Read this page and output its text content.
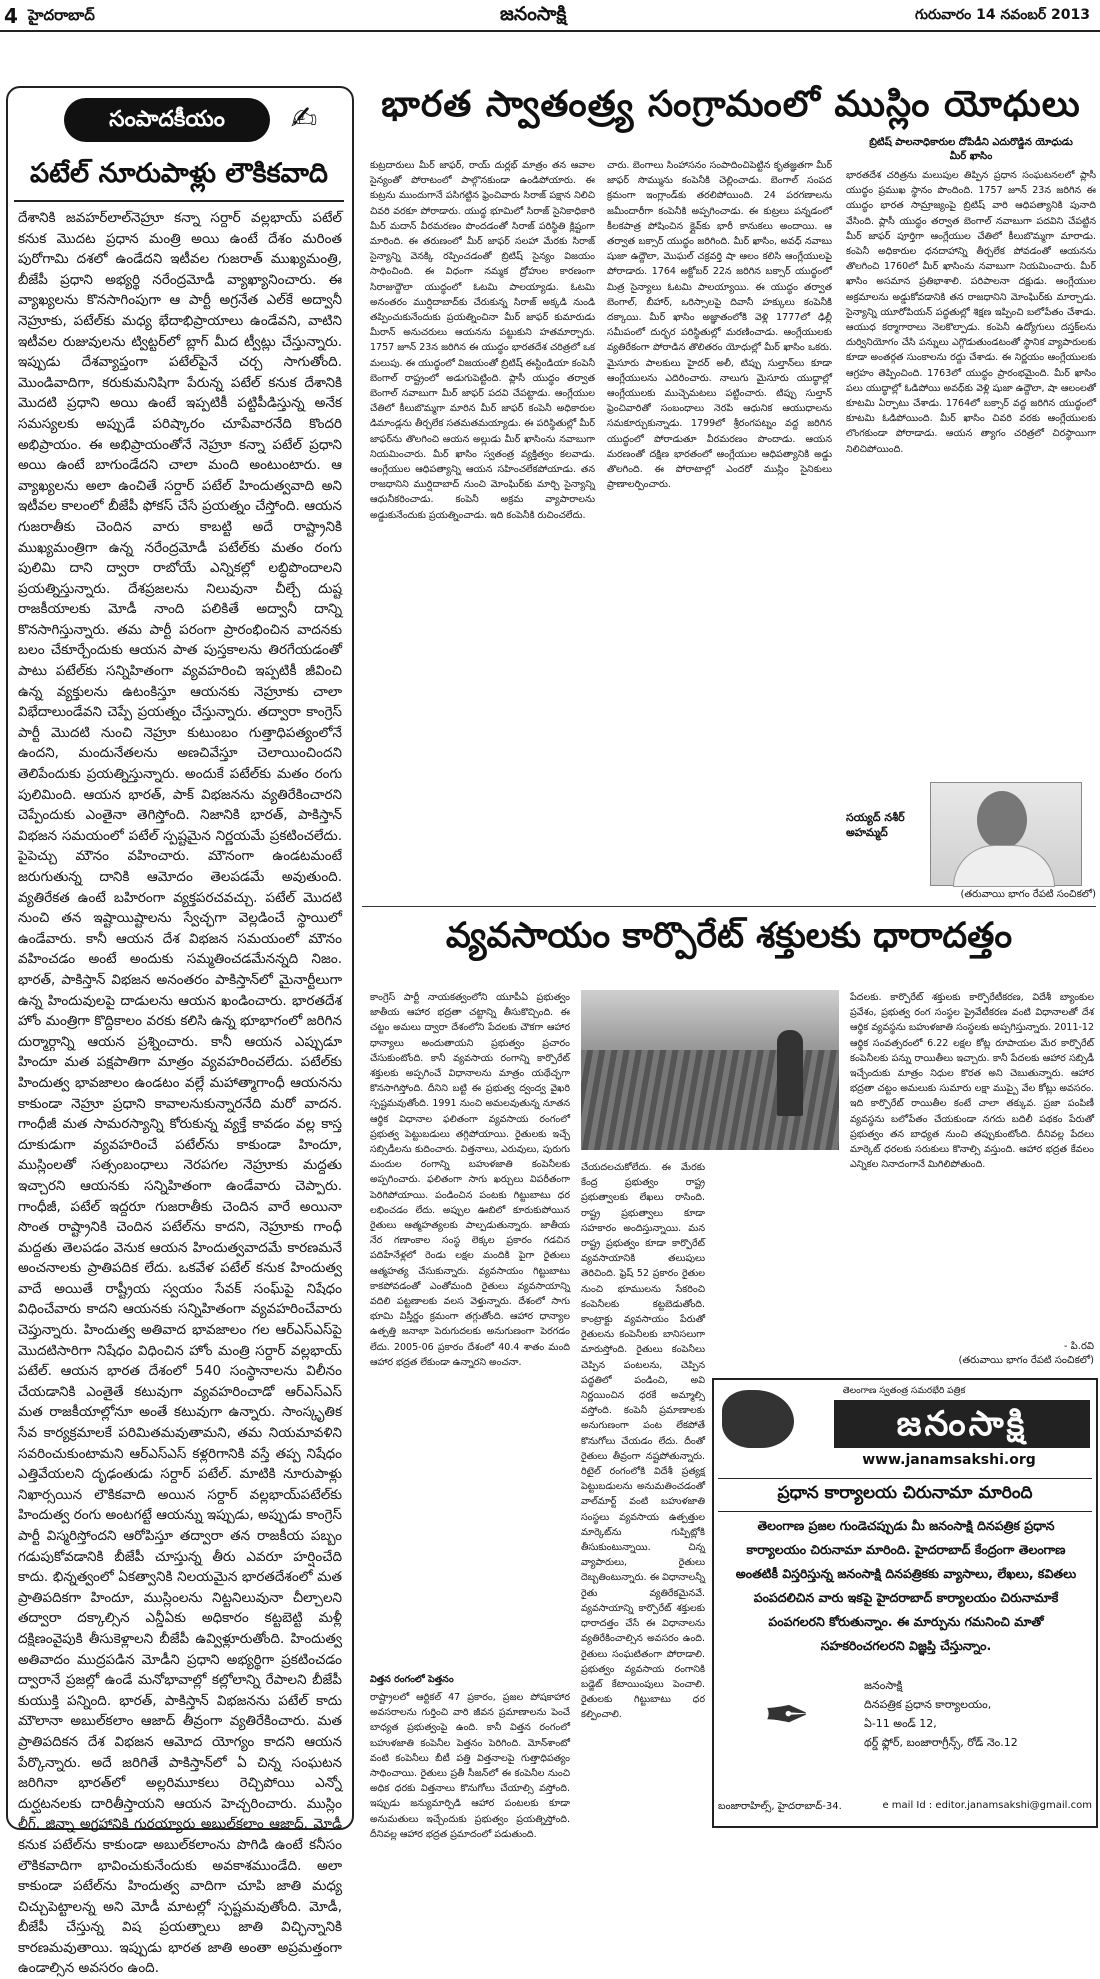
4 హైదరాబాద్	జనంసాక్షి	గురువారం 14 నవంబర్ 2013
సంపాదకీయం	✍
పటేల్ నూరుపాళ్లు లౌకికవాది
దేశానికి జవహర్‌లాల్‌నెహ్రూ కన్నా సర్దార్ వల్లభాయ్ పటేల్ కనుక మొదట ప్రధాన మంత్రి అయి ఉంటే దేశం మరింత పురోగామి దశలో ఉండేదని ఇటీవల గుజరాత్ ముఖ్యమంత్రి, బీజేపీ ప్రధాని అభ్యర్థి నరేంద్రమోడీ వ్యాఖ్యానించారు. ఈ వ్యాఖ్యలను కొనసాగింపుగా ఆ పార్టీ అగ్రనేత ఎల్‌కే అద్వానీ నెహ్రూకు, పటేల్‌కు మధ్య భేదాభిప్రాయాలు ఉండేవని, వాటిని ఇటీవల రుజువులను ట్విట్టర్‌లో బ్లాగ్ మీద ట్వీట్లు చేస్తున్నారు. ఇప్పుడు దేశవ్యాప్తంగా పటేల్‌పైనే చర్చ సాగుతోంది. మొండివాదిగా, కరుకుమనిషిగా పేరున్న పటేల్ కనుక దేశానికి మొదటి ప్రధాని అయి ఉంటే ఇప్పటికీ పట్టిపీడిస్తున్న అనేక సమస్యలకు అప్పుడే పరిష్కారం చూపేవారనేది కొందరి అభిప్రాయం. ఈ అభిప్రాయంతోనే నెహ్రూ కన్నా పటేల్ ప్రధాని అయి ఉంటే బాగుండేదని చాలా మంది అంటుంటారు. ఆ వ్యాఖ్యలను అలా ఉంచితే సర్దార్ పటేల్ హిందుత్వవాది అని ఇటీవల కాలంలో బీజేపీ ఫోకస్ చేసే ప్రయత్నం చేస్తోంది. ఆయన గుజరాతీకు చెందిన వారు కాబట్టి అదే రాష్ట్రానికి ముఖ్యమంత్రిగా ఉన్న నరేంద్రమోడీ పటేల్‌కు మతం రంగు పులిమి దాని ద్వారా రాబోయే ఎన్నికల్లో లబ్ధిపొందాలని ప్రయత్నిస్తున్నారు. దేశప్రజలను నిలువునా చీల్చే దుష్ట రాజకీయాలకు మోడీ నాంది పలికితే అద్వానీ దాన్ని కొనసాగిస్తున్నారు. తమ పార్టీ పరంగా ప్రారంభించిన వాదనకు బలం చేకూర్చేందుకు ఆయన పాత పుస్తకాలను తిరగేయడంతో పాటు పటేల్‌కు సన్నిహితంగా వ్యవహరించి ఇప్పటికీ జీవించి ఉన్న వ్యక్తులను ఉటంకిస్తూ ఆయనకు నెహ్రూకు చాలా విభేదాలుండేవని చెప్పే ప్రయత్నం చేస్తున్నారు. తద్వారా కాంగ్రెస్ పార్టీ మొదటి నుంచి నెహ్రూ కుటుంబం గుత్తాధిపత్యంలోనే ఉందని, మందునేతలను అణచివేస్తూ చెలాయించిందని తెలిపేందుకు ప్రయత్నిస్తున్నారు. అందుకే పటేల్‌కు మతం రంగు పులిమింది. ఆయన భారత్, పాక్ విభజనను వ్యతిరేకించారని చెప్పేందుకు ఎంతైనా తెగిస్తోంది. నిజానికి భారత్, పాకిస్తాన్ విభజన సమయంలో పటేల్ స్పష్టమైన నిర్ణయమే ప్రకటించలేదు. పైపెచ్చు మౌనం వహించారు. మౌనంగా ఉండటమంటే జరుగుతున్న దానికి ఆమోదం తెలపడమే అవుతుంది. వ్యతిరేకత ఉంటే బహిరంగా వ్యక్తపరచవచ్చు. పటేల్ మొదటి నుంచి తన ఇష్టాయిష్టాలను స్వేచ్ఛగా వెల్లడించే స్థాయిలో ఉండేవారు. కానీ ఆయన దేశ విభజన సమయంలో మౌనం వహించడం అంటే అందుకు సమ్మతించడమేనన్నది నిజం. భారత్, పాకిస్తాన్ విభజన అనంతరం పాకిస్తాన్‌లో మైనార్టీలుగా ఉన్న హిందువులపై దాడులను ఆయన ఖండించారు. భారతదేశ హోం మంత్రిగా కొద్దికాలం వరకు కలిసి ఉన్న భూభాగంలో జరిగిన దుర్మార్గాన్ని ఆయన ప్రశ్నించారు. కానీ ఆయన ఎప్పుడూ హిందూ మత పక్షపాతిగా మాత్రం వ్యవహరించలేదు. పటేల్‌కు హిందుత్వ భావజాలం ఉండటం వల్లే మహాత్మాగాంధీ ఆయనను కాకుండా నెహ్రూ ప్రధాని కావాలనుకున్నారనేది మరో వాదన. గాంధీజీ మత సామరస్యాన్ని కోరుకున్న వ్యక్తే కావడం వల్ల కాస్త దూకుడుగా వ్యవహరించే పటేల్‌ను కాకుండా హిందూ, ముస్లింలతో సత్సంబంధాలు నెరపగల నెహ్రూకు మద్దతు ఇచ్చారని ఆయనకు సన్నిహితంగా ఉండేవారు చెప్పారు. గాంధీజీ, పటేల్ ఇద్దరూ గుజరాతీకు చెందిన వారే అయినా సొంత రాష్ట్రానికి చెందిన పటేల్‌ను కాదని, నెహ్రూకు గాంధీ మద్దతు తెలపడం వెనుక ఆయన హిందుత్వవాదమే కారణమనే అంచనాలకు ప్రాతిపదిక లేదు. ఒకవేళ పటేల్ కనుక హిందుత్వ వాదే అయితే రాష్ట్రీయ స్వయం సేవక్ సంఘ్‌పై నిషేధం విధించేవారు కాదని ఆయనకు సన్నిహితంగా వ్యవహరించేవారు చెప్తున్నారు. హిందుత్వ అతివాద భావజాలం గల ఆర్ఎస్ఎస్‌పై మొదటిసారిగా నిషేధం విధించిన హోం మంత్రి సర్దార్ వల్లభాయ్ పటేల్. ఆయన భారత దేశంలో 540 సంస్థానాలను విలీనం చేయడానికి ఎంతైతే కటువుగా వ్యవహరించాడో ఆర్ఎస్ఎస్ మత రాజకీయాల్లోనూ అంతే కటువుగా ఉన్నారు. సాంస్కృతిక సేవ కార్యక్రమాలకే పరిమితమవుతామని, తమ నియమావళిని సవరించుకుంటామని ఆర్ఎస్ఎస్ కళ్లరిగానికి వస్తే తప్ప నిషేధం ఎత్తివేయలని దృఢంతుడు సర్దార్ పటేల్. మాటికి నూరుపాళ్లు నిఖార్సయిన లౌకికవాది అయిన సర్దార్ వల్లభాయ్‌పటేల్‌కు హిందుత్వ రంగు అంటగట్టే ఆయన్ను ఇప్పుడు, అప్పుడు కాంగ్రెస్ పార్టీ విస్మరిస్తోందని ఆరోపిస్తూ తద్వారా తన రాజకీయ పబ్బం గడుపుకోవడానికి బీజేపీ చూస్తున్న తీరు ఎవరూ హర్షించేది కాదు. భిన్నత్వంలో ఏకత్వానికి నిలయమైన భారతదేశంలో మత ప్రాతిపదికగా హిందూ, ముస్లింలను నిట్టనిలువునా చీల్చాలని తద్వారా దక్కాల్సిన ఎన్డీఏకు అధికారం కట్టబెట్టి మళ్లీ దక్షిణంవైపుకి తీసుకెళ్లాలని బీజేపీ ఉవ్విళ్లూరుతోంది. హిందుత్వ అతివాదం ముద్రపడిన మోడీని ప్రధాని అభ్యర్థిగా ప్రకటించడం ద్వారానే ప్రజల్లో ఉండే మనోభావాల్లో కల్లోలాన్ని రేపాలని బీజేపీ కుయుక్తి పన్నింది. భారత్, పాకిస్తాన్ విభజనను పటేల్ కాదు మౌలానా అబుల్‌కలాం ఆజాద్ తీవ్రంగా వ్యతిరేకించారు. మత ప్రాతిపదికన దేశ విభజన ఆమోద యోగ్యం కాదని ఆయన పేర్కొన్నారు. అదే జరిగితే పాకిస్తాన్‌లో ఏ చిన్న సంఘటన జరిగినా భారత్‌లో అల్లరిమూకలు రెచ్చిపోయి ఎన్నో దుర్ఘటనలకు దారితీస్తాయని ఆయన హెచ్చరించారు. ముస్లిం లీగ్, జిన్నా అగ్రహానికి గురయ్యారు అబుల్‌కలాం ఆజాద్. మోడీ కనుక పటేల్‌ను కాకుండా అబుల్‌కలాంను పొగిడి ఉంటే కనీసం లౌకికవాదిగా భావించుకునేందుకు అవకాశముండేది. అలా కాకుండా పటేల్‌ను హిందుత్వ వాదిగా చూపి జాతి మధ్య చిచ్చుపెట్టాలన్న అని మోడీ మాటల్లో స్పష్టమవుతోంది. మోడీ, బీజేపీ చేస్తున్న విష ప్రయత్నాలు జాతి విచ్ఛిన్నానికి కారణమవుతాయి. ఇప్పుడు భారత జాతి అంతా అప్రమత్తంగా ఉండాల్సిన అవసరం ఉంది.
భారత స్వాతంత్ర్య సంగ్రామంలో ముస్లిం యోధులు
కుట్రదారులు మీర్ జాఫర్, రాయ్ దుర్లభ్ మాత్రం తన ఆవాల సైన్యంతో పోరాటంలో పాల్గొనకుండా ఉండిపోయారు. ఈ కుట్రను ముందుగానే పసిగట్టిన ఫ్రెంచివారు సిరాజ్ పక్షాన నిలిచి చివరి వరకూ పోరాడారు. యుద్ధ భూమిలో సిరాజ్ సైనికాధికారి మీర్ మదాన్ వీరమరణం పొందడంతో సిరాజ్ పరిస్థితి క్లిష్టంగా మారింది. ఈ తరుణంలో మీర్ జాఫర్ సలహా మేరకు సిరాజ్ సైన్యాన్ని వెనక్కి రప్పించడంతో బ్రిటిష్ సైన్యం విజయం సాధించింది. ఈ విధంగా నమ్మక ద్రోహుల కారణంగా సిరాజుద్దౌలా యుద్ధంలో ఓటమి పాలయ్యాడు. ఓటమి అనంతరం ముర్షిదాబాద్‌కు చేరుకున్న సిరాజ్ అక్కడి నుండి తప్పించుకునేందుకు ప్రయత్నించినా మీర్ జాఫర్ కుమారుడు మీరాన్ అనుచరులు ఆయనను పట్టుకుని హతమార్చారు. 1757 జూన్ 23న జరిగిన ఈ యుద్ధం భారతదేశ చరిత్రలో ఒక మలుపు. ఈ యుద్ధంలో విజయంతో బ్రిటిష్ ఈస్టిండియా కంపెనీ బెంగాల్ రాష్ట్రంలో అడుగుపెట్టింది. ప్లాసీ యుద్ధం తర్వాత బెంగాల్ నవాబుగా మీర్ జాఫర్ పదవి చేపట్టాడు. ఆంగ్లేయుల చేతిలో కీలుబొమ్మగా మారిన మీర్ జాఫర్ కంపెనీ అధికారుల డిమాండ్లను తీర్చలేక సతమతమయ్యాడు. ఈ పరిస్థితుల్లో మీర్ జాఫర్‌ను తొలగించి ఆయన అల్లుడు మీర్ ఖాసింను నవాబుగా నియమించారు. మీర్ ఖాసిం స్వతంత్ర వ్యక్తిత్వం కలవాడు. ఆంగ్లేయుల ఆధిపత్యాన్ని ఆయన సహించలేకపోయాడు. తన రాజధానిని ముర్షిదాబాద్ నుంచి మోంఘిర్‌కు మార్చి సైన్యాన్ని ఆధునీకరించాడు. కంపెనీ అక్రమ వ్యాపారాలను అడ్డుకునేందుకు ప్రయత్నించాడు. ఇది కంపెనీకి రుచించలేదు.
చారు. బెంగాలు సింహాసనం సంపాదించిపెట్టిన కృతజ్ఞతగా మీర్ జాఫర్ సొమ్మును కంపెనీకి చెల్లించాడు. బెంగాల్ సంపద క్రమంగా ఇంగ్లాండ్‌కు తరలిపోయింది. 24 పరగణాలను జమీందారీగా కంపెనీకి అప్పగించాడు. ఈ కుట్రలు పన్నడంలో కీలకపాత్ర పోషించిన క్లైవ్‌కు భారీ కానుకలు అందాయి. ఆ తర్వాత బక్సార్ యుద్ధం జరిగింది. మీర్ ఖాసిం, అవధ్ నవాబు షుజా ఉద్దౌలా, మొఘల్ చక్రవర్తి షా ఆలం కలిసి ఆంగ్లేయులపై పోరాడారు. 1764 అక్టోబర్ 22న జరిగిన బక్సార్ యుద్ధంలో మిత్ర సైన్యాలు ఓటమి పాలయ్యాయి. ఈ యుద్ధం తర్వాత బెంగాల్, బీహార్, ఒరిస్సాలపై దివానీ హక్కులు కంపెనీకి దక్కాయి. మీర్ ఖాసిం అజ్ఞాతంలోకి వెళ్లి 1777లో ఢిల్లీ సమీపంలో దుర్భర పరిస్థితుల్లో మరణించాడు. ఆంగ్లేయులకు వ్యతిరేకంగా పోరాడిన తొలితరం యోధుల్లో మీర్ ఖాసిం ఒకరు. మైసూరు పాలకులు హైదర్ అలీ, టిప్పు సుల్తాన్‌లు కూడా ఆంగ్లేయులను ఎదిరించారు. నాలుగు మైసూరు యుద్ధాల్లో ఆంగ్లేయులకు ముచ్చెమటలు పట్టించారు. టిప్పు సుల్తాన్ ఫ్రెంచివారితో సంబంధాలు నెరపి ఆధునిక ఆయుధాలను సమకూర్చుకున్నాడు. 1799లో శ్రీరంగపట్నం వద్ద జరిగిన యుద్ధంలో పోరాడుతూ వీరమరణం పొందాడు. ఆయన మరణంతో దక్షిణ భారతంలో ఆంగ్లేయుల ఆధిపత్యానికి అడ్డు తొలగింది. ఈ పోరాటాల్లో ఎందరో ముస్లిం సైనికులు ప్రాణాలర్పించారు.
బ్రిటిష్ పాలనాధికారుల దోపిడీని ఎదురొడ్డిన యోధుడు
మీర్ ఖాసిం
భారతదేశ చరిత్రను మలుపుల తిప్పిన ప్రధాన సంఘటనలలో ప్లాసీ యుద్ధం ప్రముఖ స్థానం పొందింది. 1757 జూన్ 23న జరిగిన ఈ యుద్ధం భారత సామ్రాజ్యంపై బ్రిటిష్ వారి ఆధిపత్యానికి పునాది వేసింది. ప్లాసీ యుద్ధం తర్వాత బెంగాల్ నవాబుగా పదవిని చేపట్టిన మీర్ జాఫర్ పూర్తిగా ఆంగ్లేయుల చేతిలో కీలుబొమ్మగా మారాడు. కంపెనీ అధికారుల ధనదాహాన్ని తీర్చలేక పోవడంతో ఆయనను తొలగించి 1760లో మీర్ ఖాసింను నవాబుగా నియమించారు. మీర్ ఖాసిం అసమాన ప్రతిభాశాలి. పరిపాలనా దక్షుడు. ఆంగ్లేయుల అక్రమాలను అడ్డుకోవడానికి తన రాజధానిని మోంఘిర్‌కు మార్చాడు. సైన్యాన్ని యూరోపియన్ పద్ధతుల్లో శిక్షణ ఇప్పించి బలోపేతం చేశాడు. ఆయుధ కర్మాగారాలు నెలకొల్పాడు. కంపెనీ ఉద్యోగులు దస్తక్‌లను దుర్వినియోగం చేసి పన్నులు ఎగ్గొడుతుండటంతో స్థానిక వ్యాపారులకు కూడా అంతర్గత సుంకాలను రద్దు చేశాడు. ఈ నిర్ణయం ఆంగ్లేయులకు ఆగ్రహం తెప్పించింది. 1763లో యుద్ధం ప్రారంభమైంది. మీర్ ఖాసిం పలు యుద్ధాల్లో ఓడిపోయి అవధ్‌కు వెళ్లి షుజా ఉద్దౌలా, షా ఆలంలతో కూటమి ఏర్పాటు చేశాడు. 1764లో బక్సార్ వద్ద జరిగిన యుద్ధంలో కూటమి ఓడిపోయింది. మీర్ ఖాసిం చివరి వరకు ఆంగ్లేయులకు లొంగకుండా పోరాడాడు. ఆయన త్యాగం చరిత్రలో చిరస్థాయిగా నిలిచిపోయింది.
సయ్యద్ నశీర్ అహమ్మద్
(తరువాయి భాగం రేపటి సంచికలో)
వ్యవసాయం కార్పొరేట్ శక్తులకు ధారాదత్తం
కాంగ్రెస్ పార్టీ నాయకత్వంలోని యూపీఏ ప్రభుత్వం జాతీయ ఆహార భద్రతా చట్టాన్ని తీసుకొచ్చింది. ఈ చట్టం అమలు ద్వారా దేశంలోని పేదలకు చౌకగా ఆహార ధాన్యాలు అందుతాయని ప్రభుత్వం ప్రచారం చేసుకుంటోంది. కానీ వ్యవసాయ రంగాన్ని కార్పొరేట్ శక్తులకు అప్పగించే విధానాలను మాత్రం యథేచ్ఛగా కొనసాగిస్తోంది. దీనిని బట్టి ఈ ప్రభుత్వ ద్వంద్వ వైఖరి స్పష్టమవుతోంది. 1991 నుంచి అమలవుతున్న నూతన ఆర్థిక విధానాల ఫలితంగా వ్యవసాయ రంగంలో ప్రభుత్వ పెట్టుబడులు తగ్గిపోయాయి. రైతులకు ఇచ్చే సబ్సిడీలను కుదించారు. విత్తనాలు, ఎరువులు, పురుగు మందుల రంగాన్ని బహుళజాతి కంపెనీలకు అప్పగించారు. ఫలితంగా సాగు ఖర్చులు విపరీతంగా పెరిగిపోయాయి. పండించిన పంటకు గిట్టుబాటు ధర లభించడం లేదు. అప్పుల ఊబిలో కూరుకుపోయిన రైతులు ఆత్మహత్యలకు పాల్పడుతున్నారు. జాతీయ నేర గణాంకాల సంస్థ లెక్కల ప్రకారం గడచిన పదిహేనేళ్లలో రెండు లక్షల మందికి పైగా రైతులు ఆత్మహత్య చేసుకున్నారు. వ్యవసాయం గిట్టుబాటు కాకపోవడంతో ఎంతోమంది రైతులు వ్యవసాయాన్ని వదిలి పట్టణాలకు వలస వెళ్తున్నారు. దేశంలో సాగు భూమి విస్తీర్ణం క్రమంగా తగ్గుతోంది. ఆహార ధాన్యాల ఉత్పత్తి జనాభా పెరుగుదలకు అనుగుణంగా పెరగడం లేదు. 2005-06 ప్రకారం దేశంలో 40.4 శాతం మంది ఆహార భద్రత లేకుండా ఉన్నారని అంచనా.
విత్తన రంగంలో పెత్తనం
రాష్ట్రాలలో ఆర్టికల్ 47 ప్రకారం, ప్రజల పోషకాహార అవసరాలను గుర్తించి వారి జీవన ప్రమాణాలను పెంచే బాధ్యత ప్రభుత్వంపై ఉంది. కానీ విత్తన రంగంలో బహుళజాతి కంపెనీల పెత్తనం పెరిగింది. మోన్‌శాంటో వంటి కంపెనీలు బీటీ పత్తి విత్తనాలపై గుత్తాధిపత్యం సాధించాయి. రైతులు ప్రతీ సీజన్‌లో ఈ కంపెనీల నుంచి అధిక ధరకు విత్తనాలు కొనుగోలు చేయాల్సి వస్తోంది. ఇప్పుడు జన్యుమార్పిడి ఆహార పంటలకు కూడా అనుమతులు ఇచ్చేందుకు ప్రభుత్వం ప్రయత్నిస్తోంది. దీనివల్ల ఆహార భద్రత ప్రమాదంలో పడుతుంది.
చేయదలచుకోలేదు. ఈ మేరకు కేంద్ర ప్రభుత్వం రాష్ట్ర ప్రభుత్వాలకు లేఖలు రాసింది. రాష్ట్ర ప్రభుత్వాలు కూడా సహకారం అందిస్తున్నాయి. మన రాష్ట్ర ప్రభుత్వం కూడా కార్పొరేట్ వ్యవసాయానికి తలుపులు తెరిచింది. ఫ్రెష్ 52 ప్రకారం రైతుల నుంచి భూములను సేకరించి కంపెనీలకు కట్టబెడుతోంది. కాంట్రాక్టు వ్యవసాయం పేరుతో రైతులను కంపెనీలకు బానిసలుగా మారుస్తోంది. రైతులు కంపెనీలు చెప్పిన పంటలను, చెప్పిన పద్ధతిలో పండించి, అవి నిర్ణయించిన ధరకే అమ్మాల్సి వస్తోంది. కంపెనీ ప్రమాణాలకు అనుగుణంగా పంట లేకపోతే కొనుగోలు చేయడం లేదు. దీంతో రైతులు తీవ్రంగా నష్టపోతున్నారు. రిటైల్ రంగంలోకి విదేశీ ప్రత్యక్ష పెట్టుబడులను అనుమతించడంతో వాల్‌మార్ట్ వంటి బహుళజాతి సంస్థలు వ్యవసాయ ఉత్పత్తుల మార్కెట్‌ను గుప్పిట్లోకి తీసుకుంటున్నాయి. చిన్న వ్యాపారులు, రైతులు దెబ్బతింటున్నారు. ఈ విధానాలన్నీ రైతు వ్యతిరేకమైనవే. వ్యవసాయాన్ని కార్పొరేట్ శక్తులకు ధారాదత్తం చేసే ఈ విధానాలను వ్యతిరేకించాల్సిన అవసరం ఉంది. రైతులు సంఘటితంగా పోరాడాలి. ప్రభుత్వం వ్యవసాయ రంగానికి బడ్జెట్ కేటాయింపులు పెంచాలి. రైతులకు గిట్టుబాటు ధర కల్పించాలి.
పేదలకు. కార్పొరేట్ శక్తులకు కార్పొరేటీకరణ, విదేశీ బ్యాంకుల ప్రవేశం, ప్రభుత్వ రంగ సంస్థల ప్రైవేటీకరణ వంటి విధానాలతో దేశ ఆర్థిక వ్యవస్థను బహుళజాతి సంస్థలకు అప్పగిస్తున్నారు. 2011-12 ఆర్థిక సంవత్సరంలో 6.22 లక్షల కోట్ల రూపాయల మేర కార్పొరేట్ కంపెనీలకు పన్ను రాయితీలు ఇచ్చారు. కానీ పేదలకు ఆహార సబ్సిడీ ఇచ్చేందుకు మాత్రం నిధుల కొరత అని చెబుతున్నారు. ఆహార భద్రతా చట్టం అమలుకు సుమారు లక్షా ముప్పై వేల కోట్లు అవసరం. ఇది కార్పొరేట్ రాయితీల కంటే చాలా తక్కువ. ప్రజా పంపిణీ వ్యవస్థను బలోపేతం చేయకుండా నగదు బదిలీ పథకం పేరుతో ప్రభుత్వం తన బాధ్యత నుంచి తప్పుకుంటోంది. దీనివల్ల పేదలు మార్కెట్ ధరలకు సరుకులు కొనాల్సి వస్తుంది. ఆహార భద్రత కేవలం ఎన్నికల నినాదంగానే మిగిలిపోతుంది.
- పి.రవి
(తరువాయి భాగం రేపటి సంచికలో)
తెలంగాణ స్వతంత్ర సమరభేరి పత్రిక
జనంసాక్షి
www.janamsakshi.org
ప్రధాన కార్యాలయ చిరునామా మారింది
తెలంగాణ ప్రజల గుండెచప్పుడు మీ జనంసాక్షి దినపత్రిక ప్రధాన కార్యాలయం చిరునామా మారింది. హైదరాబాద్ కేంద్రంగా తెలంగాణ అంతటికీ విస్తరిస్తున్న జనంసాక్షి దినపత్రికకు వ్యాసాలు, లేఖలు, కవితలు పంపదలిచిన వారు ఇకపై హైదరాబాద్ కార్యాలయం చిరునామాకే పంపగలరని కోరుతున్నాం. ఈ మార్పును గమనించి మాతో సహకరించగలరని విజ్ఞప్తి చేస్తున్నాం.
✒	జనంసాక్షి
దినపత్రిక ప్రధాన కార్యాలయం,
ఏ-11 అండ్ 12,
థర్డ్ ఫ్లోర్, బంజారాగ్రీన్స్, రోడ్ నెం.12
బంజారాహిల్స్, హైదరాబాద్-34.	e mail Id : editor.janamsakshi@gmail.com
